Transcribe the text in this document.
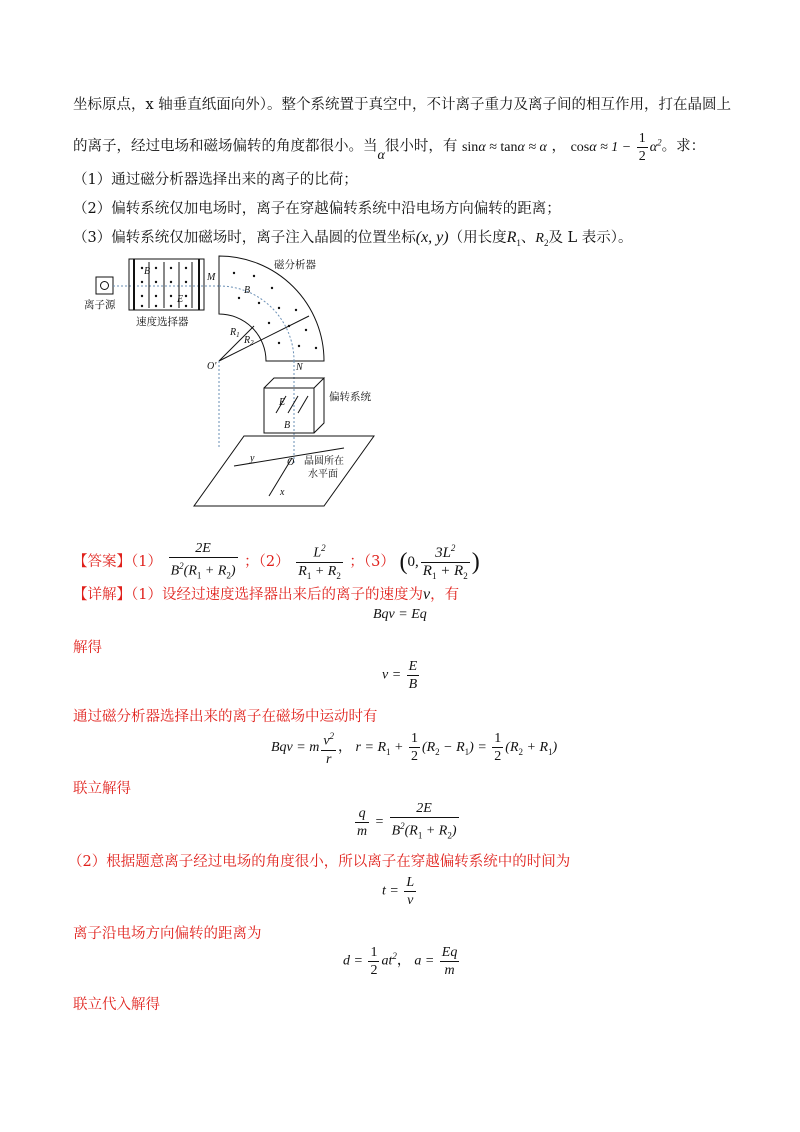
坐标原点，x 轴垂直纸面向外）。整个系统置于真空中，不计离子重力及离子间的相互作用，打在晶圆上
的离子，经过电场和磁场偏转的角度都很小。当α很小时，有 sinα ≈ tanα ≈ α ， $\cos\alpha \approx 1 - \frac{1}{2} \alpha^2$。求：
（1）通过磁分析器选择出来的离子的比荷；
（2）偏转系统仅加电场时，离子在穿越偏转系统中沿电场方向偏转的距离；
（3）偏转系统仅加磁场时，离子注入晶圆的位置坐标(x, y)（用长度$R_1$、$R_2$及 L 表示）。
离子源
B
E
速度选择器
M
磁分析器
B
$R_1$ $R_2$
O'	N
E
B
偏转系统
y	O
x
晶圆所在
水平面
【答案】$(1) \frac{2E}{B^2(R_1 + R_2)}$ ；$(2) \frac{L^2}{R_1 + R_2}$ ；（3） (0, $\frac{3L^2}{R_1 + R_2}$ )
【详解】（1）设经过速度选择器出来后的离子的速度为v，有
Bqv = Eq
解得
$v = \frac{E}{B}$
通过磁分析器选择出来的离子在磁场中运动时有
Bqv = m $\frac{v^2}{r}$ ， $r = R_1 + \frac{1}{2} (R_2 - R_1) = \frac{1}{2} (R_2 + R_1)$
联立解得
$\frac{q}{m} = \frac{2E}{B^2(R_1 + R_2)}$
（2）根据题意离子经过电场的角度很小，所以离子在穿越偏转系统中的时间为
$t = \frac{L}{v}$
离子沿电场方向偏转的距离为
$d = \frac{1}{2} at^2$， $a = \frac{Eq}{m}$
联立代入解得
